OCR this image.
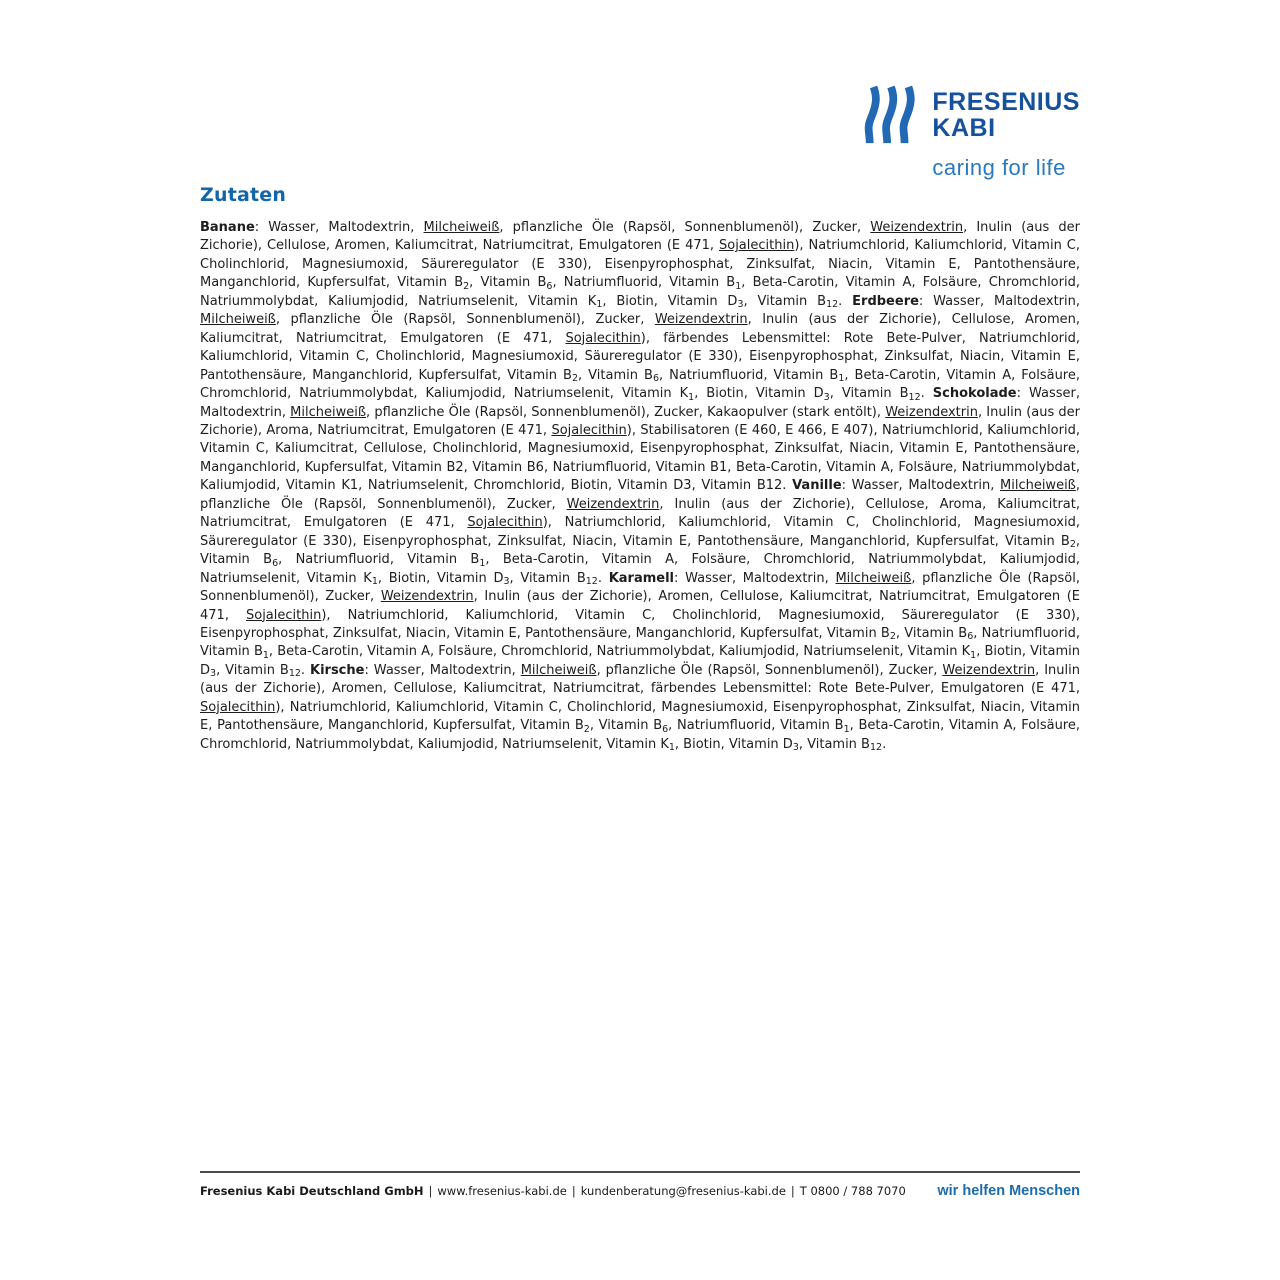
FRESENIUS
KABI
caring for life
Zutaten

Banane: Wasser, Maltodextrin, Milcheiweiß, pflanzliche Öle (Rapsöl, Sonnenblumenöl), Zucker, Weizendextrin, Inulin (aus der Zichorie), Cellulose, Aromen, Kaliumcitrat, Natriumcitrat, Emulgatoren (E 471, Sojalecithin), Natriumchlorid, Kaliumchlorid, Vitamin C, Cholinchlorid, Magnesiumoxid, Säureregulator (E 330), Eisenpyrophosphat, Zinksulfat, Niacin, Vitamin E, Pantothensäure, Manganchlorid, Kupfersulfat, Vitamin $B_2$, Vitamin $B_6$, Natriumfluorid, Vitamin $B_1$, Beta-Carotin, Vitamin A, Folsäure, Chromchlorid, Natriummolybdat, Kaliumjodid, Natriumselenit, Vitamin $K_1$, Biotin, Vitamin $D_3$, Vitamin $B_{12}$. Erdbeere: Wasser, Maltodextrin, Milcheiweiß, pflanzliche Öle (Rapsöl, Sonnenblumenöl), Zucker, Weizendextrin, Inulin (aus der Zichorie), Cellulose, Aromen, Kaliumcitrat, Natriumcitrat, Emulgatoren (E 471, Sojalecithin), färbendes Lebensmittel: Rote Bete-Pulver, Natriumchlorid, Kaliumchlorid, Vitamin C, Cholinchlorid, Magnesiumoxid, Säureregulator (E 330), Eisenpyrophosphat, Zinksulfat, Niacin, Vitamin E, Pantothensäure, Manganchlorid, Kupfersulfat, Vitamin $B_2$, Vitamin $B_6$, Natriumfluorid, Vitamin $B_1$, Beta-Carotin, Vitamin A, Folsäure, Chromchlorid, Natriummolybdat, Kaliumjodid, Natriumselenit, Vitamin $K_1$, Biotin, Vitamin $D_3$, Vitamin $B_{12}$. Schokolade: Wasser, Maltodextrin, Milcheiweiß, pflanzliche Öle (Rapsöl, Sonnenblumenöl), Zucker, Kakaopulver (stark entölt), Weizendextrin, Inulin (aus der Zichorie), Aroma, Natriumcitrat, Emulgatoren (E 471, Sojalecithin), Stabilisatoren (E 460, E 466, E 407), Natriumchlorid, Kaliumchlorid, Vitamin C, Kaliumcitrat, Cellulose, Cholinchlorid, Magnesiumoxid, Eisenpyrophosphat, Zinksulfat, Niacin, Vitamin E, Pantothensäure, Manganchlorid, Kupfersulfat, Vitamin B2, Vitamin B6, Natriumfluorid, Vitamin B1, Beta-Carotin, Vitamin A, Folsäure, Natriummolybdat, Kaliumjodid, Vitamin K1, Natriumselenit, Chromchlorid, Biotin, Vitamin D3, Vitamin B12. Vanille: Wasser, Maltodextrin, Milcheiweiß, pflanzliche Öle (Rapsöl, Sonnenblumenöl), Zucker, Weizendextrin, Inulin (aus der Zichorie), Cellulose, Aroma, Kaliumcitrat, Natriumcitrat, Emulgatoren (E 471, Sojalecithin), Natriumchlorid, Kaliumchlorid, Vitamin C, Cholinchlorid, Magnesiumoxid, Säureregulator (E 330), Eisenpyrophosphat, Zinksulfat, Niacin, Vitamin E, Pantothensäure, Manganchlorid, Kupfersulfat, Vitamin $B_2$, Vitamin $B_6$, Natriumfluorid, Vitamin $B_1$, Beta-Carotin, Vitamin A, Folsäure, Chromchlorid, Natriummolybdat, Kaliumjodid, Natriumselenit, Vitamin $K_1$, Biotin, Vitamin $D_3$, Vitamin $B_{12}$. Karamell: Wasser, Maltodextrin, Milcheiweiß, pflanzliche Öle (Rapsöl, Sonnenblumenöl), Zucker, Weizendextrin, Inulin (aus der Zichorie), Aromen, Cellulose, Kaliumcitrat, Natriumcitrat, Emulgatoren (E 471, Sojalecithin), Natriumchlorid, Kaliumchlorid, Vitamin C, Cholinchlorid, Magnesiumoxid, Säureregulator (E 330), Eisenpyrophosphat, Zinksulfat, Niacin, Vitamin E, Pantothensäure, Manganchlorid, Kupfersulfat, Vitamin $B_2$, Vitamin $B_6$, Natriumfluorid, Vitamin $B_1$, Beta-Carotin, Vitamin A, Folsäure, Chromchlorid, Natriummolybdat, Kaliumjodid, Natriumselenit, Vitamin $K_1$, Biotin, Vitamin $D_3$, Vitamin $B_{12}$. Kirsche: Wasser, Maltodextrin, Milcheiweiß, pflanzliche Öle (Rapsöl, Sonnenblumenöl), Zucker, Weizendextrin, Inulin (aus der Zichorie), Aromen, Cellulose, Kaliumcitrat, Natriumcitrat, färbendes Lebensmittel: Rote Bete-Pulver, Emulgatoren (E 471, Sojalecithin), Natriumchlorid, Kaliumchlorid, Vitamin C, Cholinchlorid, Magnesiumoxid, Eisenpyrophosphat, Zinksulfat, Niacin, Vitamin E, Pantothensäure, Manganchlorid, Kupfersulfat, Vitamin $B_2$, Vitamin $B_6$, Natriumfluorid, Vitamin $B_1$, Beta-Carotin, Vitamin A, Folsäure, Chromchlorid, Natriummolybdat, Kaliumjodid, Natriumselenit, Vitamin $K_1$, Biotin, Vitamin $D_3$, Vitamin $B_{12}$.

Fresenius Kabi Deutschland GmbH | www.fresenius-kabi.de | kundenberatung@fresenius-kabi.de | T 0800 / 788 7070 wir helfen Menschen
